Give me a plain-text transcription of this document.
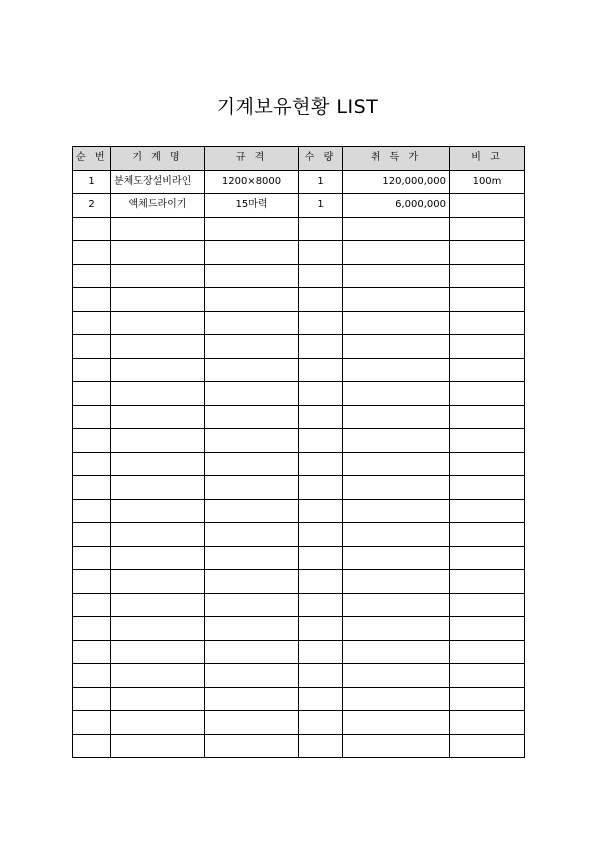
기계보유현황 LIST
순 번	기 계 명	규 격	수 량	취 득 가	비 고
1	분체도장설비라인	1200×8000	1	120,000,000	100m
2	액체드라이기	15마력	1	6,000,000	
